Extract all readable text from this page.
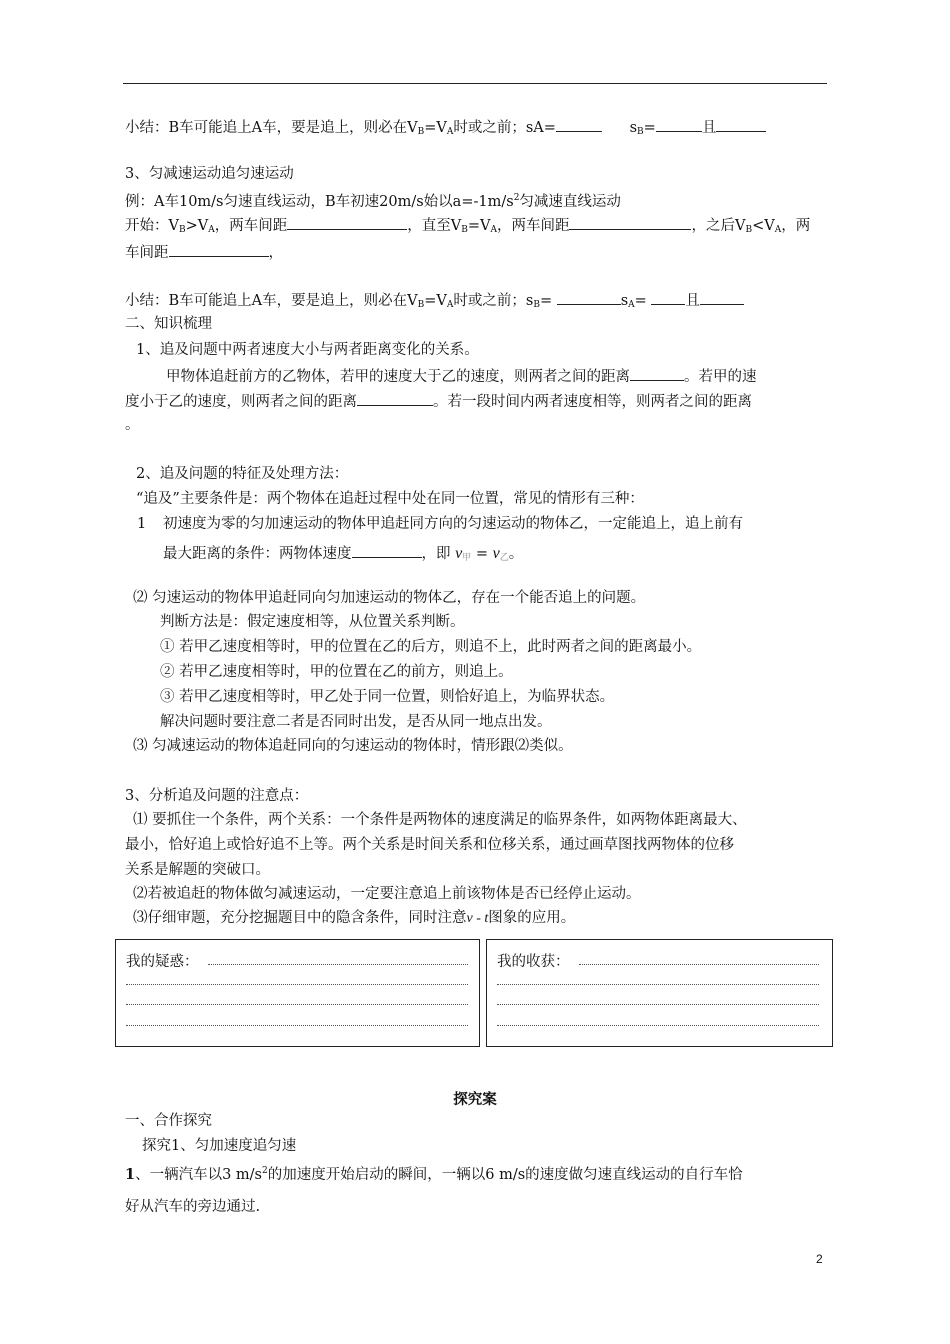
小结：B车可能追上A车，要是追上，则必在$V_B=V_A$时或之前；sA=	$s_B=$	且
3、匀减速运动追匀速运动
例：A车10m/s匀速直线运动，B车初速20m/s始以$a=-1m/s^2$匀减速直线运动
开始：$V_B>V_A$，两车间距	，直至$V_B=V_A$，两车间距	，之后$V_B<V_A$，两
车间距	，
小结：B车可能追上A车，要是追上，则必在$V_B=V_A$时或之前；$s_B=$	$s_A=$	且
二、知识梳理
1、追及问题中两者速度大小与两者距离变化的关系。
甲物体追赶前方的乙物体，若甲的速度大于乙的速度，则两者之间的距离	。若甲的速
度小于乙的速度，则两者之间的距离	。若一段时间内两者速度相等，则两者之间的距离
。
2、追及问题的特征及处理方法：
“追及”主要条件是：两个物体在追赶过程中处在同一位置，常见的情形有三种：
1 初速度为零的匀加速运动的物体甲追赶同方向的匀速运动的物体乙，一定能追上，追上前有
最大距离的条件：两物体速度	，即 $v_甲 = v_乙$。
⑵ 匀速运动的物体甲追赶同向匀加速运动的物体乙，存在一个能否追上的问题。
判断方法是：假定速度相等，从位置关系判断。
① 若甲乙速度相等时，甲的位置在乙的后方，则追不上，此时两者之间的距离最小。
② 若甲乙速度相等时，甲的位置在乙的前方，则追上。
③ 若甲乙速度相等时，甲乙处于同一位置，则恰好追上，为临界状态。
解决问题时要注意二者是否同时出发，是否从同一地点出发。
⑶ 匀减速运动的物体追赶同向的匀速运动的物体时，情形跟⑵类似。
3、分析追及问题的注意点：
⑴ 要抓住一个条件，两个关系：一个条件是两物体的速度满足的临界条件，如两物体距离最大、
最小，恰好追上或恰好追不上等。两个关系是时间关系和位移关系，通过画草图找两物体的位移
关系是解题的突破口。
⑵若被追赶的物体做匀减速运动，一定要注意追上前该物体是否已经停止运动。
⑶仔细审题，充分挖掘题目中的隐含条件，同时注意v - t图象的应用。
我的疑惑：	我的收获：
探究案
一、合作探究
探究1、匀加速度追匀速
1、一辆汽车以3 $m/s^2$的加速度开始启动的瞬间，一辆以6 m/s的速度做匀速直线运动的自行车恰
好从汽车的旁边通过.
2
